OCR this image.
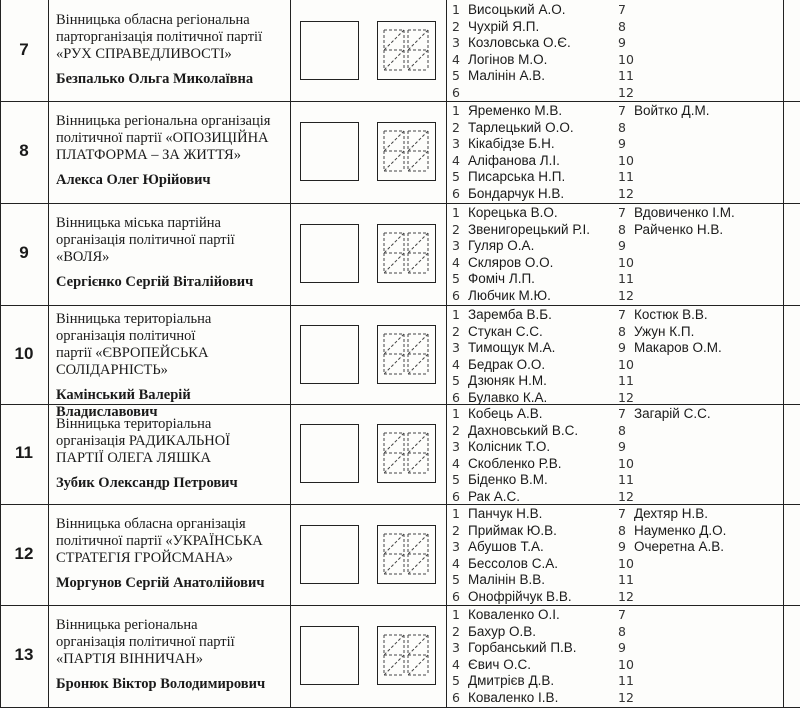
7
Вінницька обласна регіональна
парторганізація політичної партії
«РУХ СПРАВЕДЛИВОСТІ»
Безпалько Ольга Миколаївна
1 Висоцький А.О.
2 Чухрій Я.П.
3 Козловська О.Є.
4 Логінов М.О.
5 Малінін А.В.
6
7
8
9
10
11
12
8
Вінницька регіональна організація
політичної партії «ОПОЗИЦІЙНА
ПЛАТФОРМА – ЗА ЖИТТЯ»
Алекса Олег Юрійович
1 Яременко М.В.
2 Тарлецький О.О.
3 Кікабідзе Б.Н.
4 Аліфанова Л.І.
5 Писарська Н.П.
6 Бондарчук Н.В.
7 Войтко Д.М.
8
9
10
11
12
9
Вінницька міська партійна
організація політичної партії
«ВОЛЯ»
Сергієнко Сергій Віталійович
1 Корецька В.О.
2 Звенигорецький Р.І.
3 Гуляр О.А.
4 Скляров О.О.
5 Фоміч Л.П.
6 Любчик М.Ю.
7 Вдовиченко І.М.
8 Райченко Н.В.
9
10
11
12
10
Вінницька територіальна
організація політичної
партії «ЄВРОПЕЙСЬКА
СОЛІДАРНІСТЬ»
Камінський Валерій Владиславович
1 Заремба В.Б.
2 Стукан С.С.
3 Тимощук М.А.
4 Бедрак О.О.
5 Дзюняк Н.М.
6 Булавко К.А.
7 Костюк В.В.
8 Ужун К.П.
9 Макаров О.М.
10
11
12
11
Вінницька територіальна
організація РАДИКАЛЬНОЇ
ПАРТІЇ ОЛЕГА ЛЯШКА
Зубик Олександр Петрович
1 Кобець А.В.
2 Дахновський В.С.
3 Колісник Т.О.
4 Скобленко Р.В.
5 Біденко В.М.
6 Рак А.С.
7 Загарій С.С.
8
9
10
11
12
12
Вінницька обласна організація
політичної партії «УКРАЇНСЬКА
СТРАТЕГІЯ ГРОЙСМАНА»
Моргунов Сергій Анатолійович
1 Панчук Н.В.
2 Приймак Ю.В.
3 Абушов Т.А.
4 Бессолов С.А.
5 Малінін В.В.
6 Онофрійчук В.В.
7 Дехтяр Н.В.
8 Науменко Д.О.
9 Очеретна А.В.
10
11
12
13
Вінницька регіональна
організація політичної партії
«ПАРТІЯ ВІННИЧАН»
Бронюк Віктор Володимирович
1 Коваленко О.І.
2 Бахур О.В.
3 Горбанський П.В.
4 Євич О.С.
5 Дмитрієв Д.В.
6 Коваленко І.В.
7
8
9
10
11
12
